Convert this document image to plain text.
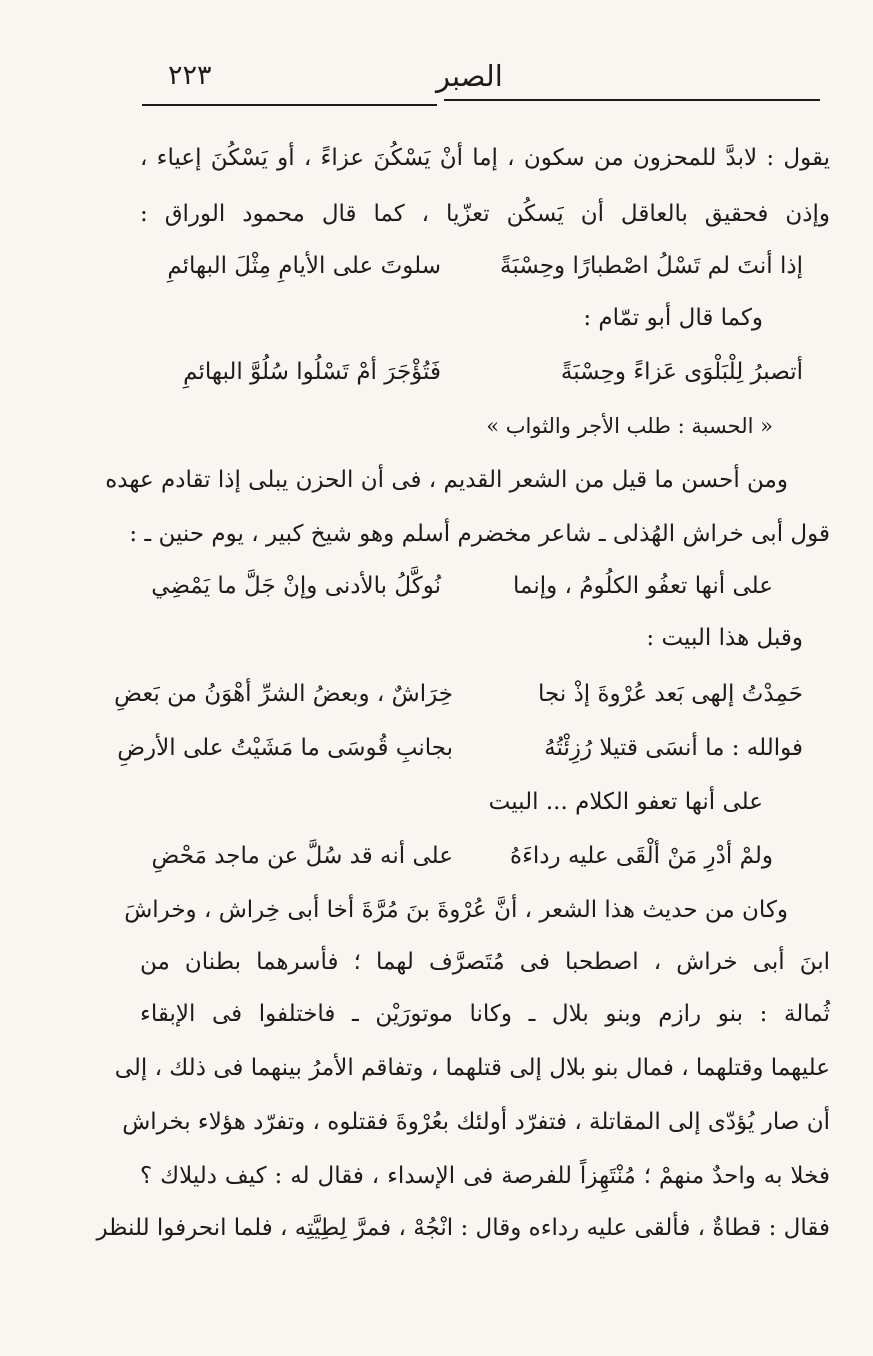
الصبر
٢٢٣
يقول : لابدَّ للمحزون من سكون ، إما أنْ يَسْكُنَ عزاءً ، أو يَسْكُنَ إعياء ،
وإذن فحقيق بالعاقل أن يَسكُن تعزّيا ، كما قال محمود الوراق :
إذا أنتَ لم تَسْلُ اصْطبارًا وحِسْبَةً
سلوتَ على الأيامِ مِثْلَ البهائمِ
وكما قال أبو تمّام :
أتصبرُ لِلْبَلْوَى عَزاءً وحِسْبَةً
فَتُؤْجَرَ أمْ تَسْلُوا سُلُوَّ البهائمِ
« الحسبة : طلب الأجر والثواب »
ومن أحسن ما قيل من الشعر القديم ، فى أن الحزن يبلى إذا تقادم عهده
قول أبى خراش الهُذلى ـ شاعر مخضرم أسلم وهو شيخ كبير ، يوم حنين ـ :
على أنها تعفُو الكلُومُ ، وإنما
نُوكَّلُ بالأدنى وإنْ جَلَّ ما يَمْضِي
وقبل هذا البيت :
حَمِدْتُ إلهى بَعد عُرْوةَ إذْ نجا
خِرَاشٌ ، وبعضُ الشرِّ أهْوَنُ من بَعضِ
فوالله : ما أنسَى قتيلا رُزِئْتُهُ
بجانبِ قُوسَى ما مَشَيْتُ على الأرضِ
على أنها تعفو الكلام ... البيت
ولمْ أدْرِ مَنْ ألْقَى عليه رداءَهُ
على أنه قد سُلَّ عن ماجد مَحْضِ
وكان من حديث هذا الشعر ، أنَّ عُرْوةَ بنَ مُرَّةَ أخا أبى خِراش ، وخراشَ
ابنَ أبى خراش ، اصطحبا فى مُتَصرَّف لهما ؛ فأسرهما بطنان من
ثُمالة : بنو رازم وبنو بلال ـ وكانا موتورَيْن ـ فاختلفوا فى الإبقاء
عليهما وقتلهما ، فمال بنو بلال إلى قتلهما ، وتفاقم الأمرُ بينهما فى ذلك ، إلى
أن صار يُؤدّى إلى المقاتلة ، فتفرّد أولئك بعُرْوةَ فقتلوه ، وتفرّد هؤلاء بخراش
فخلا به واحدٌ منهمْ ؛ مُنْتَهِزاً للفرصة فى الإسداء ، فقال له : كيف دليلاك ؟
فقال : قطاةٌ ، فألقى عليه رداءه وقال : انْجُهْ ، فمرَّ لِطِيَّتِه ، فلما انحرفوا للنظر
